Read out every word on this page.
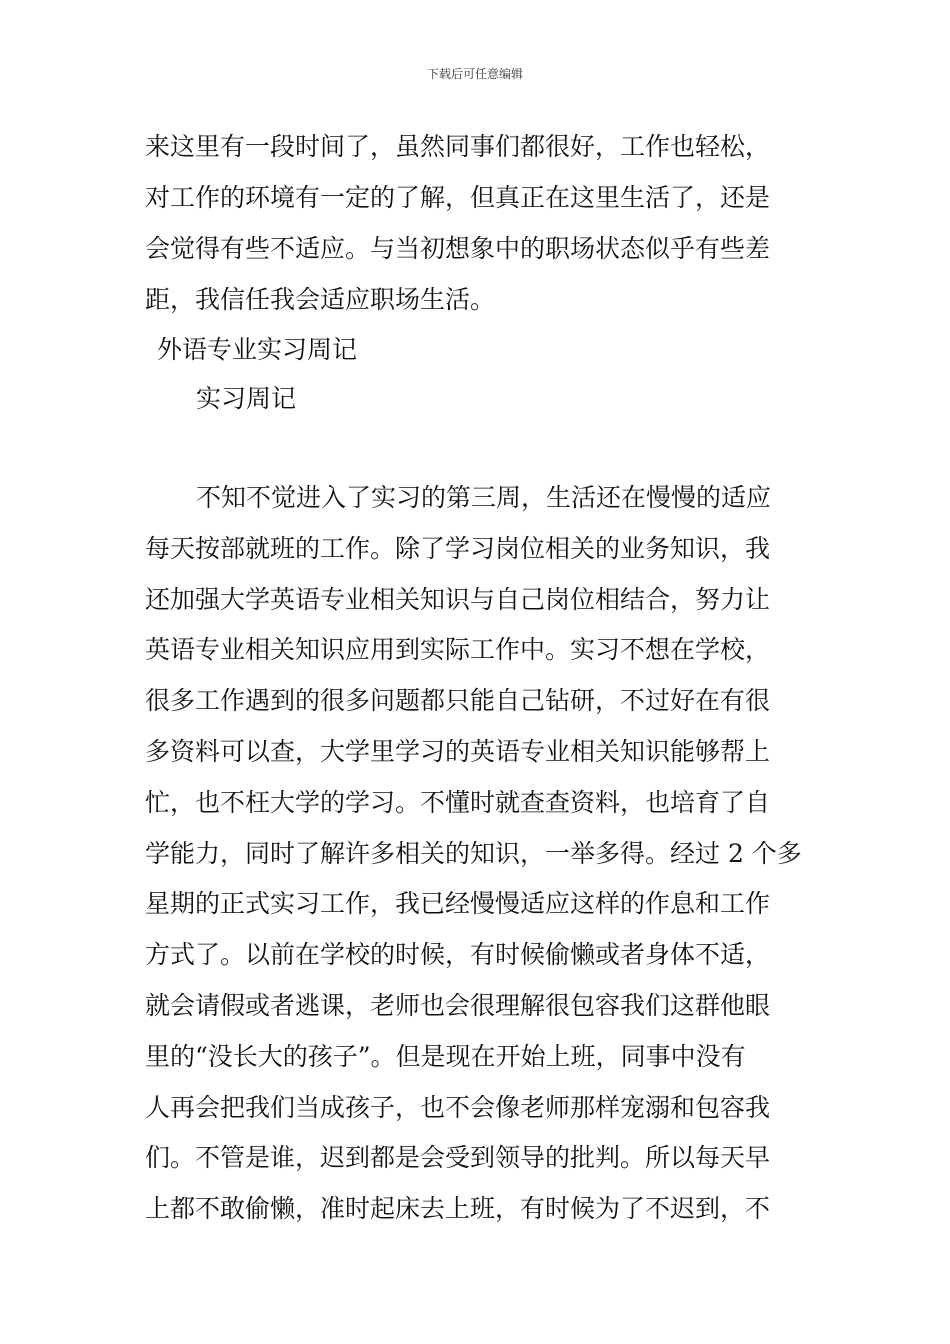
下载后可任意编辑
来这里有一段时间了，虽然同事们都很好，工作也轻松，
对工作的环境有一定的了解，但真正在这里生活了，还是
会觉得有些不适应。与当初想象中的职场状态似乎有些差
距，我信任我会适应职场生活。
外语专业实习周记
实习周记
不知不觉进入了实习的第三周，生活还在慢慢的适应
每天按部就班的工作。除了学习岗位相关的业务知识，我
还加强大学英语专业相关知识与自己岗位相结合，努力让
英语专业相关知识应用到实际工作中。实习不想在学校，
很多工作遇到的很多问题都只能自己钻研，不过好在有很
多资料可以查，大学里学习的英语专业相关知识能够帮上
忙，也不枉大学的学习。不懂时就查查资料，也培育了自
学能力，同时了解许多相关的知识，一举多得。经过 2 个多
星期的正式实习工作，我已经慢慢适应这样的作息和工作
方式了。以前在学校的时候，有时候偷懒或者身体不适，
就会请假或者逃课，老师也会很理解很包容我们这群他眼
里的“没长大的孩子”。但是现在开始上班，同事中没有
人再会把我们当成孩子，也不会像老师那样宠溺和包容我
们。不管是谁，迟到都是会受到领导的批判。所以每天早
上都不敢偷懒，准时起床去上班，有时候为了不迟到，不
